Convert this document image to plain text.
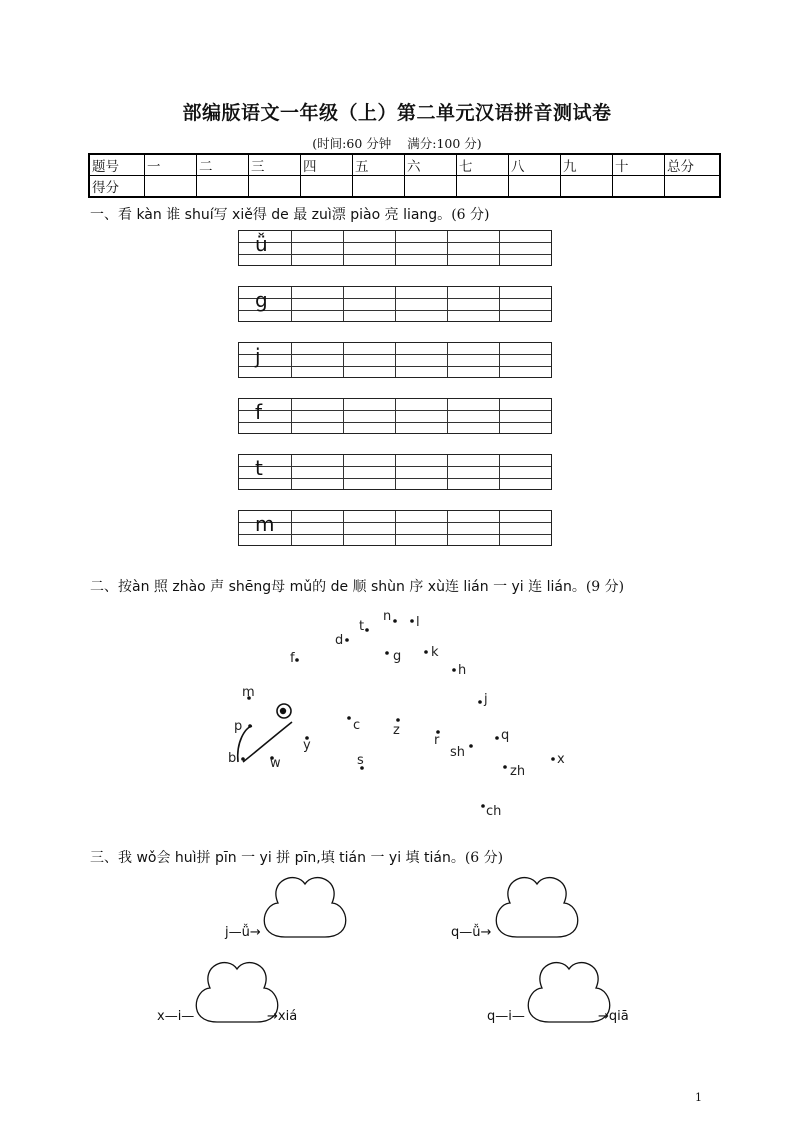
部编版语文一年级（上）第二单元汉语拼音测试卷
(时间:60 分钟 满分:100 分)
题号	一	二	三	四	五	六	七	八	九	十	总分
得分											
一、看 kàn 谁 shuí写 xiě得 de 最 zuì漂 piào 亮 liang。(6 分)
ǚ
g
j
f
t
m
二、按àn 照 zhào 声 shēng母 mǔ的 de 顺 shùn 序 xù连 lián 一 yi 连 lián。(9 分)
n l
t
d
g k
f
h
j
m
p	c	z
r	q
y	sh	x
b	w	s
zh
ch
三、我 wǒ会 huì拼 pīn 一 yi 拼 pīn,填 tián 一 yi 填 tián。(6 分)
j—ǚ→	q—ǚ→
x—i—	→xiá	q—i—	→qiā
1
